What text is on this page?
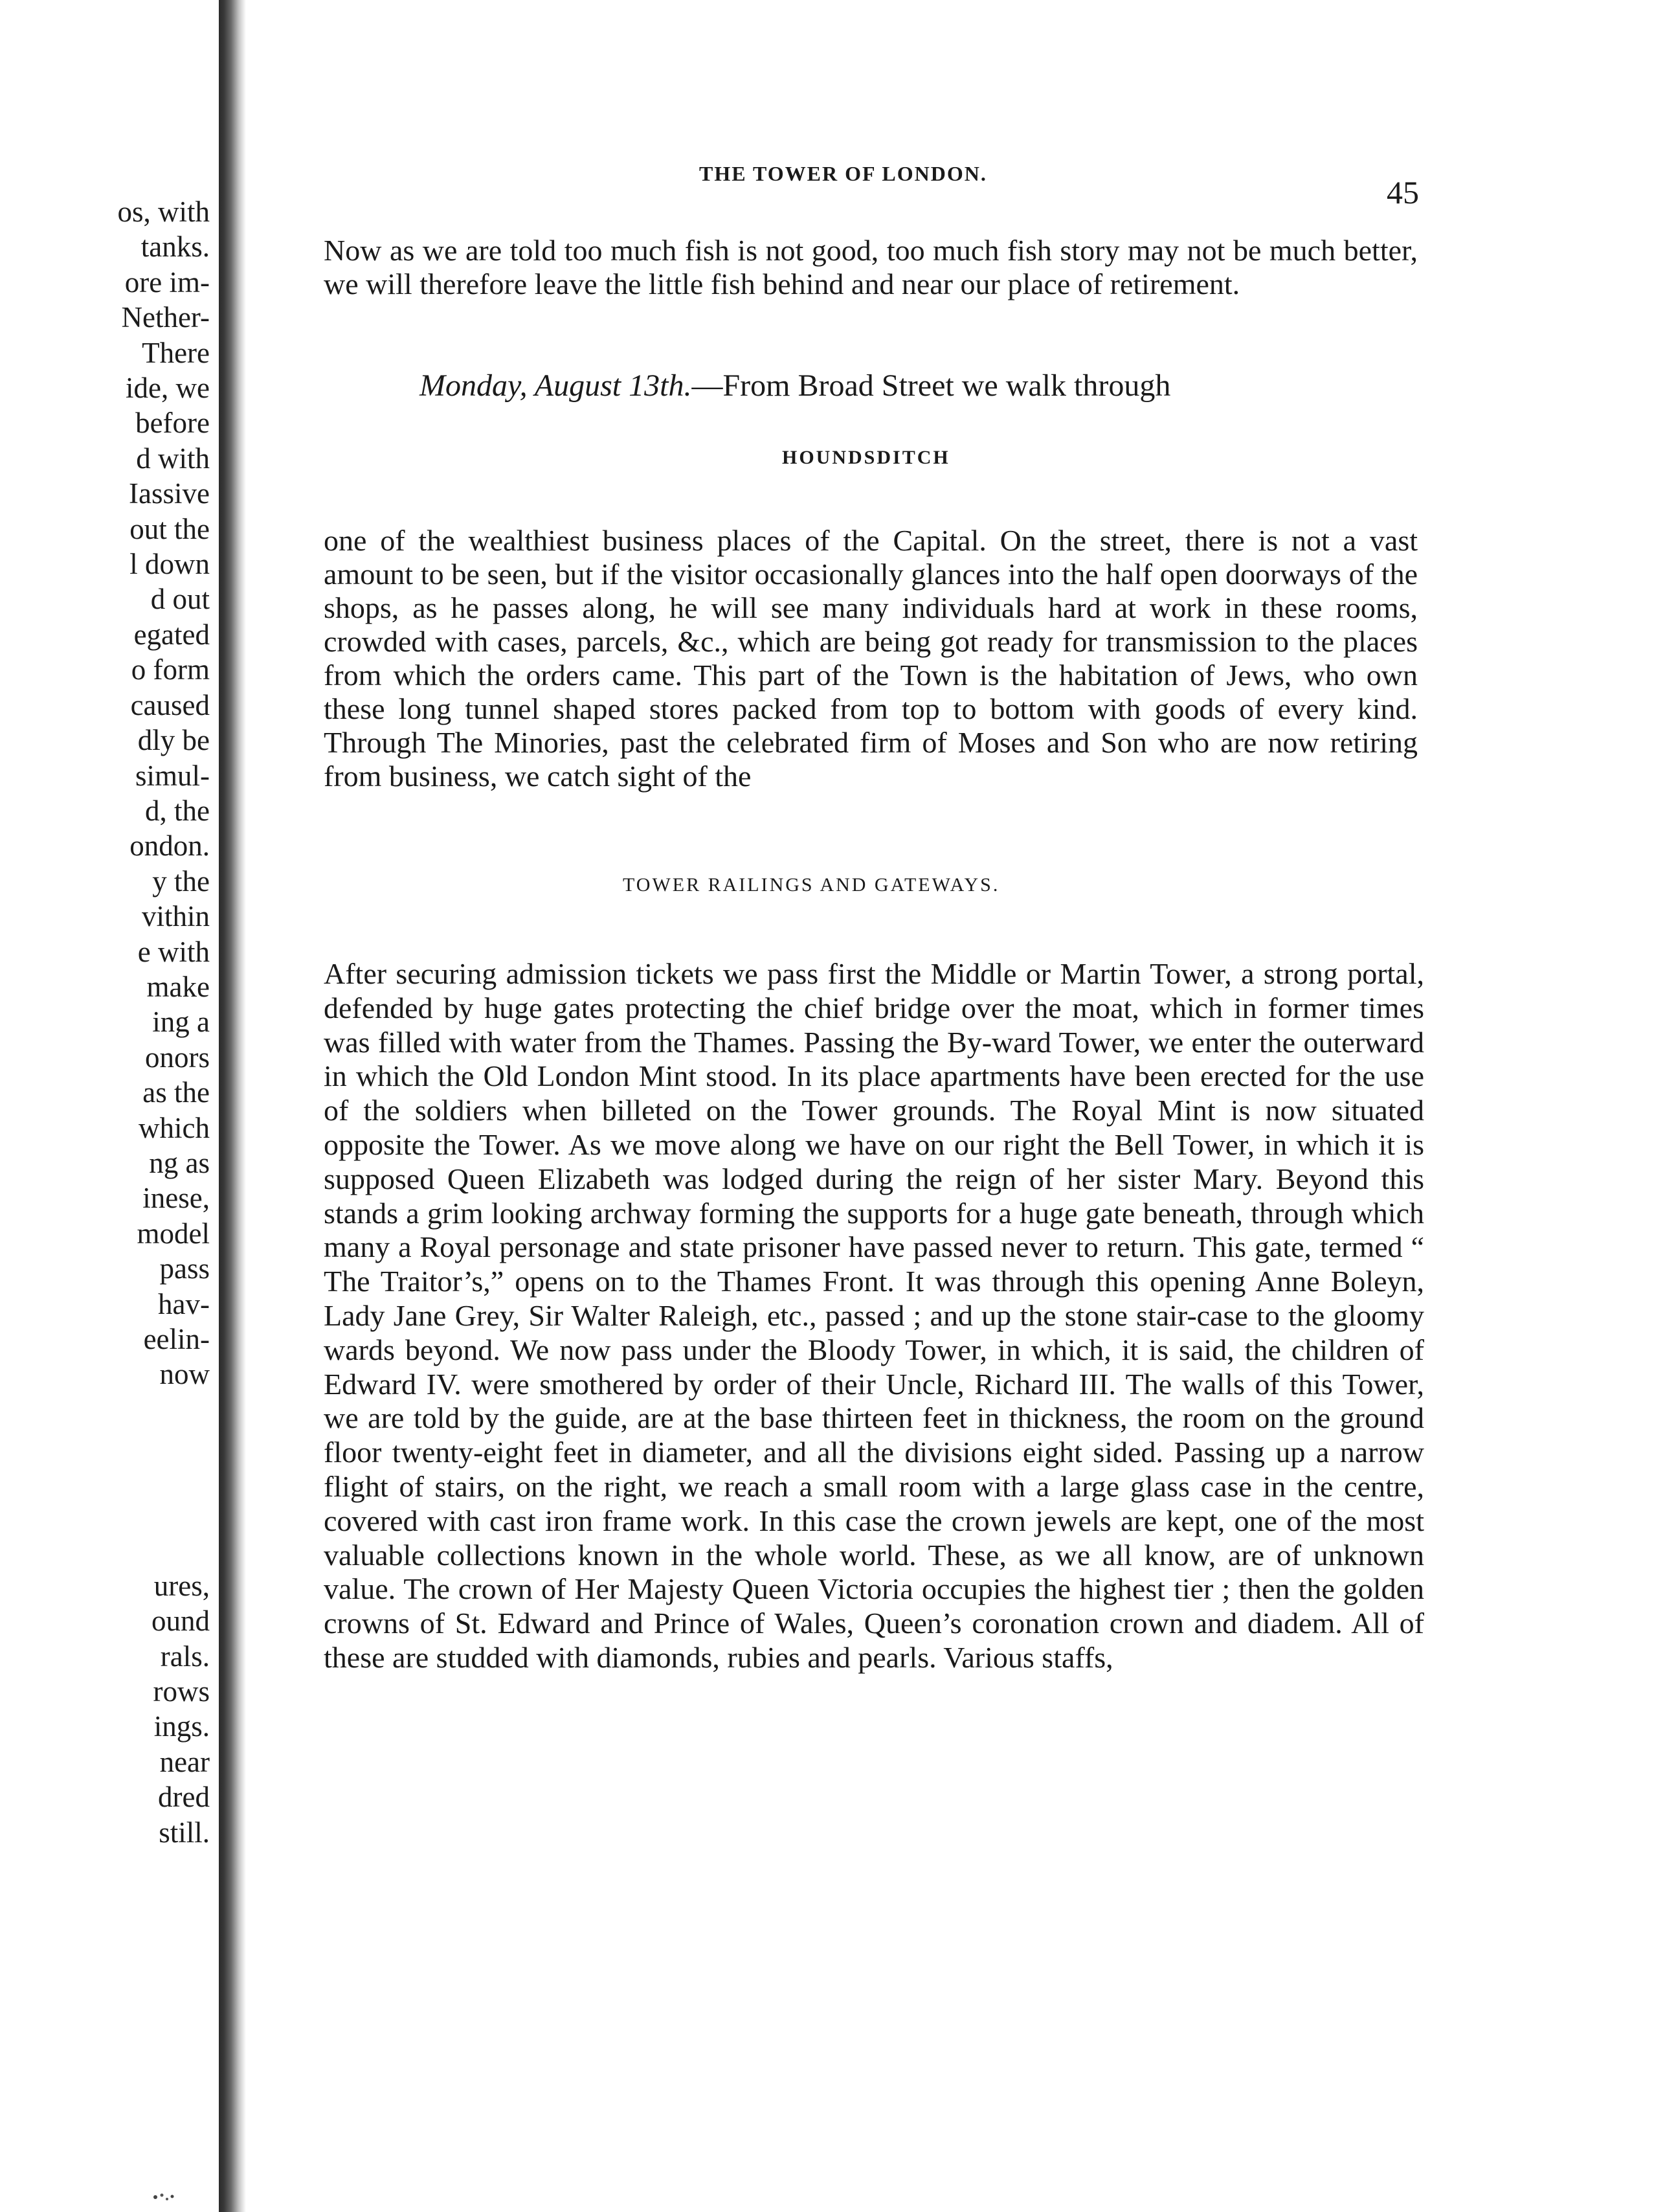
os, with
tanks.
ore im-
Nether-
There
ide, we
before
d with
Iassive
out the
l down
d out
egated
o form
caused
dly be
simul-
d, the
ondon.
y the
vithin
e with
make
ing a
onors
as the
which
ng as
inese,
model
pass
hav-
eelin-
now
ures,
ound
rals.
rows
ings.
near
dred
still.
THE TOWER OF LONDON.
45

Now as we are told too much fish is not good, too much fish story may not be much better, we will therefore leave the little fish behind and near our place of retirement.

Monday, August 13th.—From Broad Street we walk through
HOUNDSDITCH

one of the wealthiest business places of the Capital. On the street, there is not a vast amount to be seen, but if the visitor occasionally glances into the half open doorways of the shops, as he passes along, he will see many individuals hard at work in these rooms, crowded with cases, parcels, &c., which are being got ready for transmission to the places from which the orders came. This part of the Town is the habitation of Jews, who own these long tunnel shaped stores packed from top to bottom with goods of every kind. Through The Minories, past the celebrated firm of Moses and Son who are now retiring from business, we catch sight of the

TOWER RAILINGS AND GATEWAYS.

After securing admission tickets we pass first the Middle or Martin Tower, a strong portal, defended by huge gates protecting the chief bridge over the moat, which in former times was filled with water from the Thames. Passing the By-ward Tower, we enter the outerward in which the Old London Mint stood. In its place apartments have been erected for the use of the soldiers when billeted on the Tower grounds. The Royal Mint is now situated opposite the Tower. As we move along we have on our right the Bell Tower, in which it is supposed Queen Elizabeth was lodged during the reign of her sister Mary. Beyond this stands a grim looking archway forming the supports for a huge gate beneath, through which many a Royal personage and state prisoner have passed never to return. This gate, termed “ The Traitor’s,” opens on to the Thames Front. It was through this opening Anne Boleyn, Lady Jane Grey, Sir Walter Raleigh, etc., passed ; and up the stone stair-case to the gloomy wards beyond. We now pass under the Bloody Tower, in which, it is said, the children of Edward IV. were smothered by order of their Uncle, Richard III. The walls of this Tower, we are told by the guide, are at the base thirteen feet in thickness, the room on the ground floor twenty-eight feet in diameter, and all the divisions eight sided. Passing up a narrow flight of stairs, on the right, we reach a small room with a large glass case in the centre, covered with cast iron frame work. In this case the crown jewels are kept, one of the most valuable collections known in the whole world. These, as we all know, are of unknown value. The crown of Her Majesty Queen Victoria occupies the highest tier ; then the golden crowns of St. Edward and Prince of Wales, Queen’s coronation crown and diadem. All of these are studded with diamonds, rubies and pearls. Various staffs,
